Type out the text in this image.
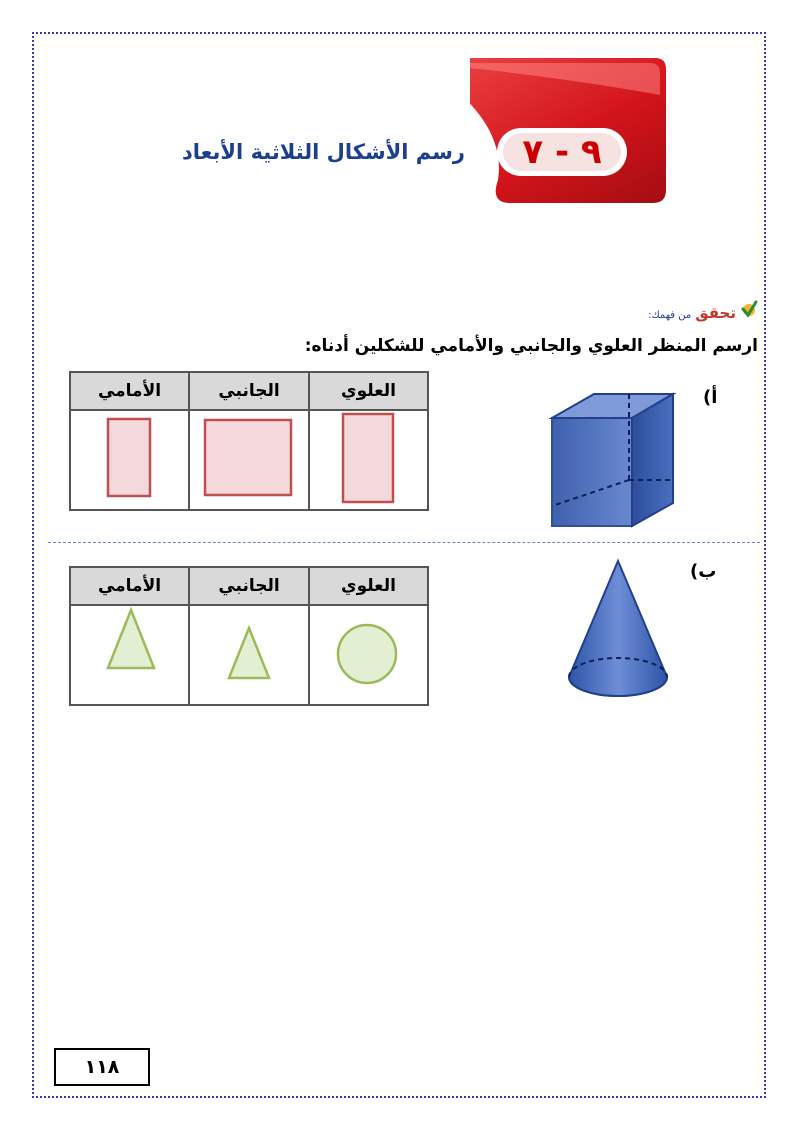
٩ - ٧
رسم الأشكال الثلاثية الأبعاد
تحقق
من فهمك:
ارسم المنظر العلوي والجانبي والأمامي للشكلين أدناه:
أ)
العلوي	الجانبي	الأمامي

ب)
العلوي	الجانبي	الأمامي

١١٨
